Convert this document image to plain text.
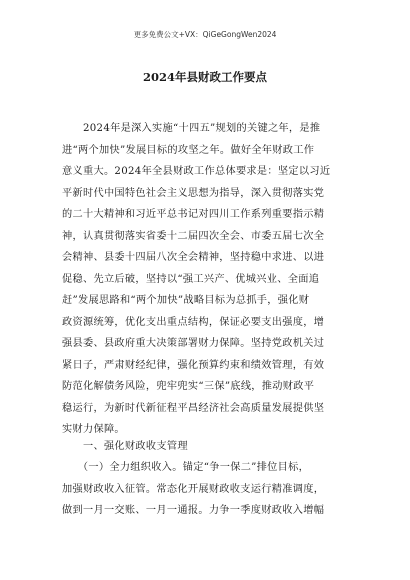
更多免费公文+VX：QiGeGongWen2024
2024年县财政工作要点
　　2024年是深入实施“十四五”规划的关键之年，是推
进“两个加快”发展目标的攻坚之年。做好全年财政工作
意义重大。2024年全县财政工作总体要求是：坚定以习近
平新时代中国特色社会主义思想为指导，深入贯彻落实党
的二十大精神和习近平总书记对四川工作系列重要指示精
神，认真贯彻落实省委十二届四次全会、市委五届七次全
会精神、县委十四届八次全会精神，坚持稳中求进、以进
促稳、先立后破，坚持以“强工兴产、优城兴业、全面追
赶”发展思路和“两个加快”战略目标为总抓手，强化财
政资源统筹，优化支出重点结构，保证必要支出强度，增
强县委、县政府重大决策部署财力保障。坚持党政机关过
紧日子，严肃财经纪律，强化预算约束和绩效管理，有效
防范化解债务风险，兜牢兜实“三保”底线，推动财政平
稳运行，为新时代新征程平昌经济社会高质量发展提供坚
实财力保障。
　　一、强化财政收支管理
　　（一）全力组织收入。锚定“争一保二”排位目标，
加强财政收入征管。常态化开展财政收支运行精准调度，
做到一月一交账、一月一通报。力争一季度财政收入增幅
